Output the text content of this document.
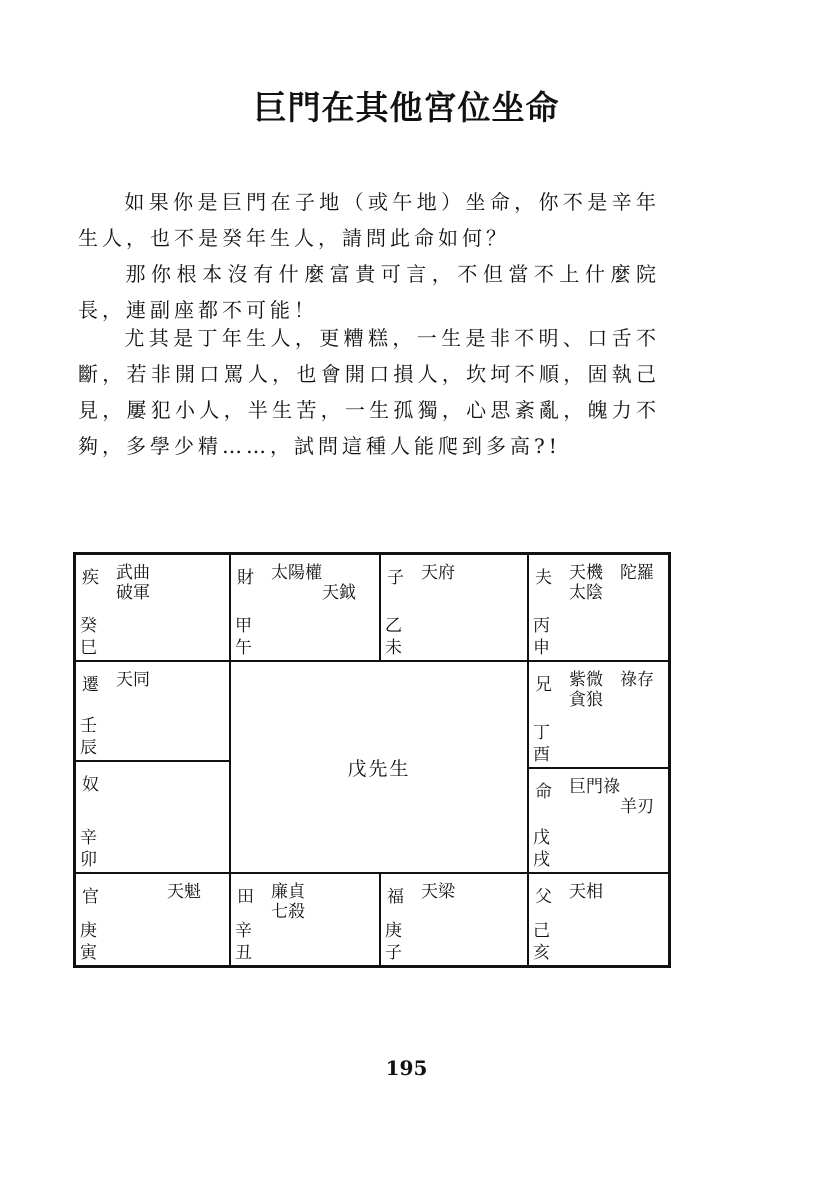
巨門在其他宮位坐命

如果你是巨門在子地（或午地）坐命，你不是辛年生人，也不是癸年生人，請問此命如何？

那你根本沒有什麼富貴可言，不但當不上什麼院長，連副座都不可能！

尤其是丁年生人，更糟糕，一生是非不明、口舌不斷，若非開口罵人，也會開口損人，坎坷不順，固執己見，屢犯小人，半生苦，一生孤獨，心思紊亂，魄力不夠，多學少精……，試問這種人能爬到多高?!

疾 武曲
破軍
癸
巳
財 太陽權
　　　天鉞
甲
午
子 天府
乙
未
夫 天機　陀羅
太陰
丙
申
遷 天同
壬
辰
奴
辛
卯
戊先生
兄 紫微　祿存
貪狼
丁
酉
命 巨門祿
　　　羊刃
戊
戌
官 　　　天魁
庚
寅
田 廉貞
七殺
辛
丑
福 天梁
庚
子
父 天相
己
亥
195
